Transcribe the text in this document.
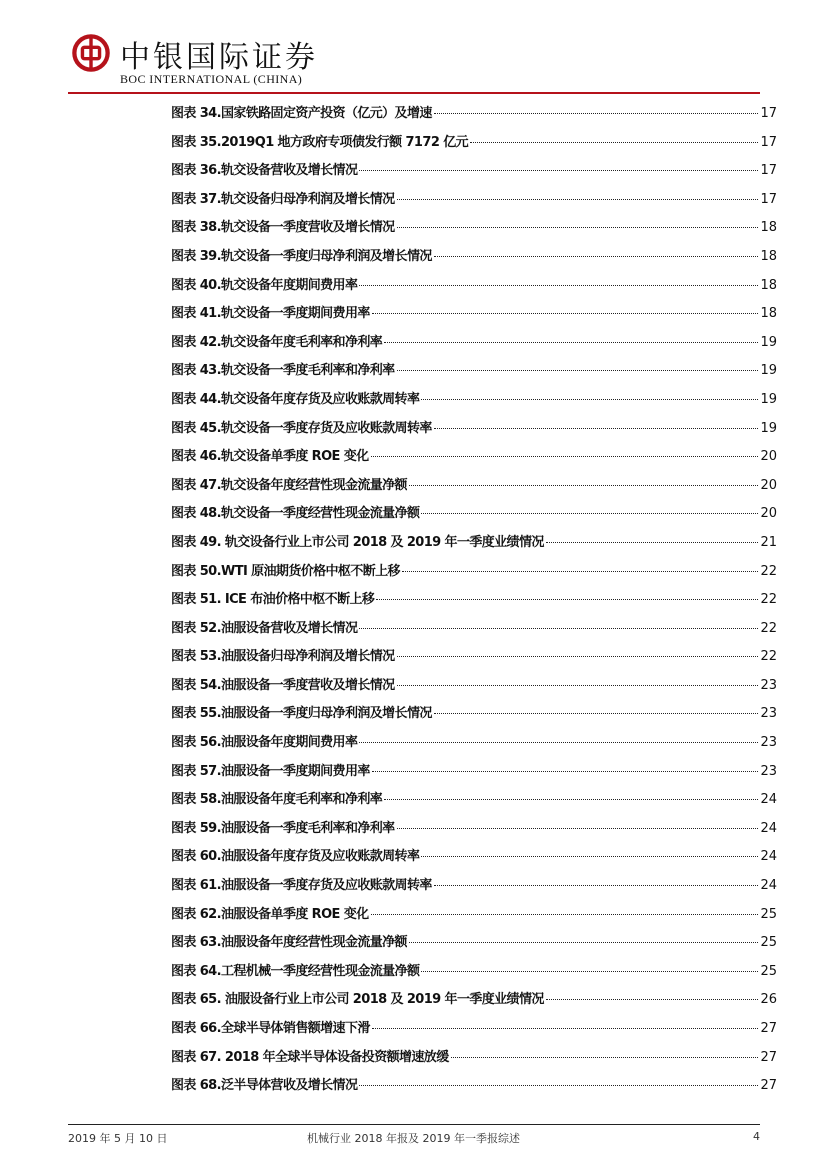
中银国际证券
BOC INTERNATIONAL (CHINA)
图表 34.国家铁路固定资产投资（亿元）及增速	17
图表 35.2019Q1 地方政府专项债发行额 7172 亿元	17
图表 36.轨交设备营收及增长情况	17
图表 37.轨交设备归母净利润及增长情况	17
图表 38.轨交设备一季度营收及增长情况	18
图表 39.轨交设备一季度归母净利润及增长情况	18
图表 40.轨交设备年度期间费用率	18
图表 41.轨交设备一季度期间费用率	18
图表 42.轨交设备年度毛利率和净利率	19
图表 43.轨交设备一季度毛利率和净利率	19
图表 44.轨交设备年度存货及应收账款周转率	19
图表 45.轨交设备一季度存货及应收账款周转率	19
图表 46.轨交设备单季度 ROE 变化	20
图表 47.轨交设备年度经营性现金流量净额	20
图表 48.轨交设备一季度经营性现金流量净额	20
图表 49. 轨交设备行业上市公司 2018 及 2019 年一季度业绩情况	21
图表 50.WTI 原油期货价格中枢不断上移	22
图表 51. ICE 布油价格中枢不断上移	22
图表 52.油服设备营收及增长情况	22
图表 53.油服设备归母净利润及增长情况	22
图表 54.油服设备一季度营收及增长情况	23
图表 55.油服设备一季度归母净利润及增长情况	23
图表 56.油服设备年度期间费用率	23
图表 57.油服设备一季度期间费用率	23
图表 58.油服设备年度毛利率和净利率	24
图表 59.油服设备一季度毛利率和净利率	24
图表 60.油服设备年度存货及应收账款周转率	24
图表 61.油服设备一季度存货及应收账款周转率	24
图表 62.油服设备单季度 ROE 变化	25
图表 63.油服设备年度经营性现金流量净额	25
图表 64.工程机械一季度经营性现金流量净额	25
图表 65. 油服设备行业上市公司 2018 及 2019 年一季度业绩情况	26
图表 66.全球半导体销售额增速下滑	27
图表 67. 2018 年全球半导体设备投资额增速放缓	27
图表 68.泛半导体营收及增长情况	27
2019 年 5 月 10 日	机械行业 2018 年报及 2019 年一季报综述	4
